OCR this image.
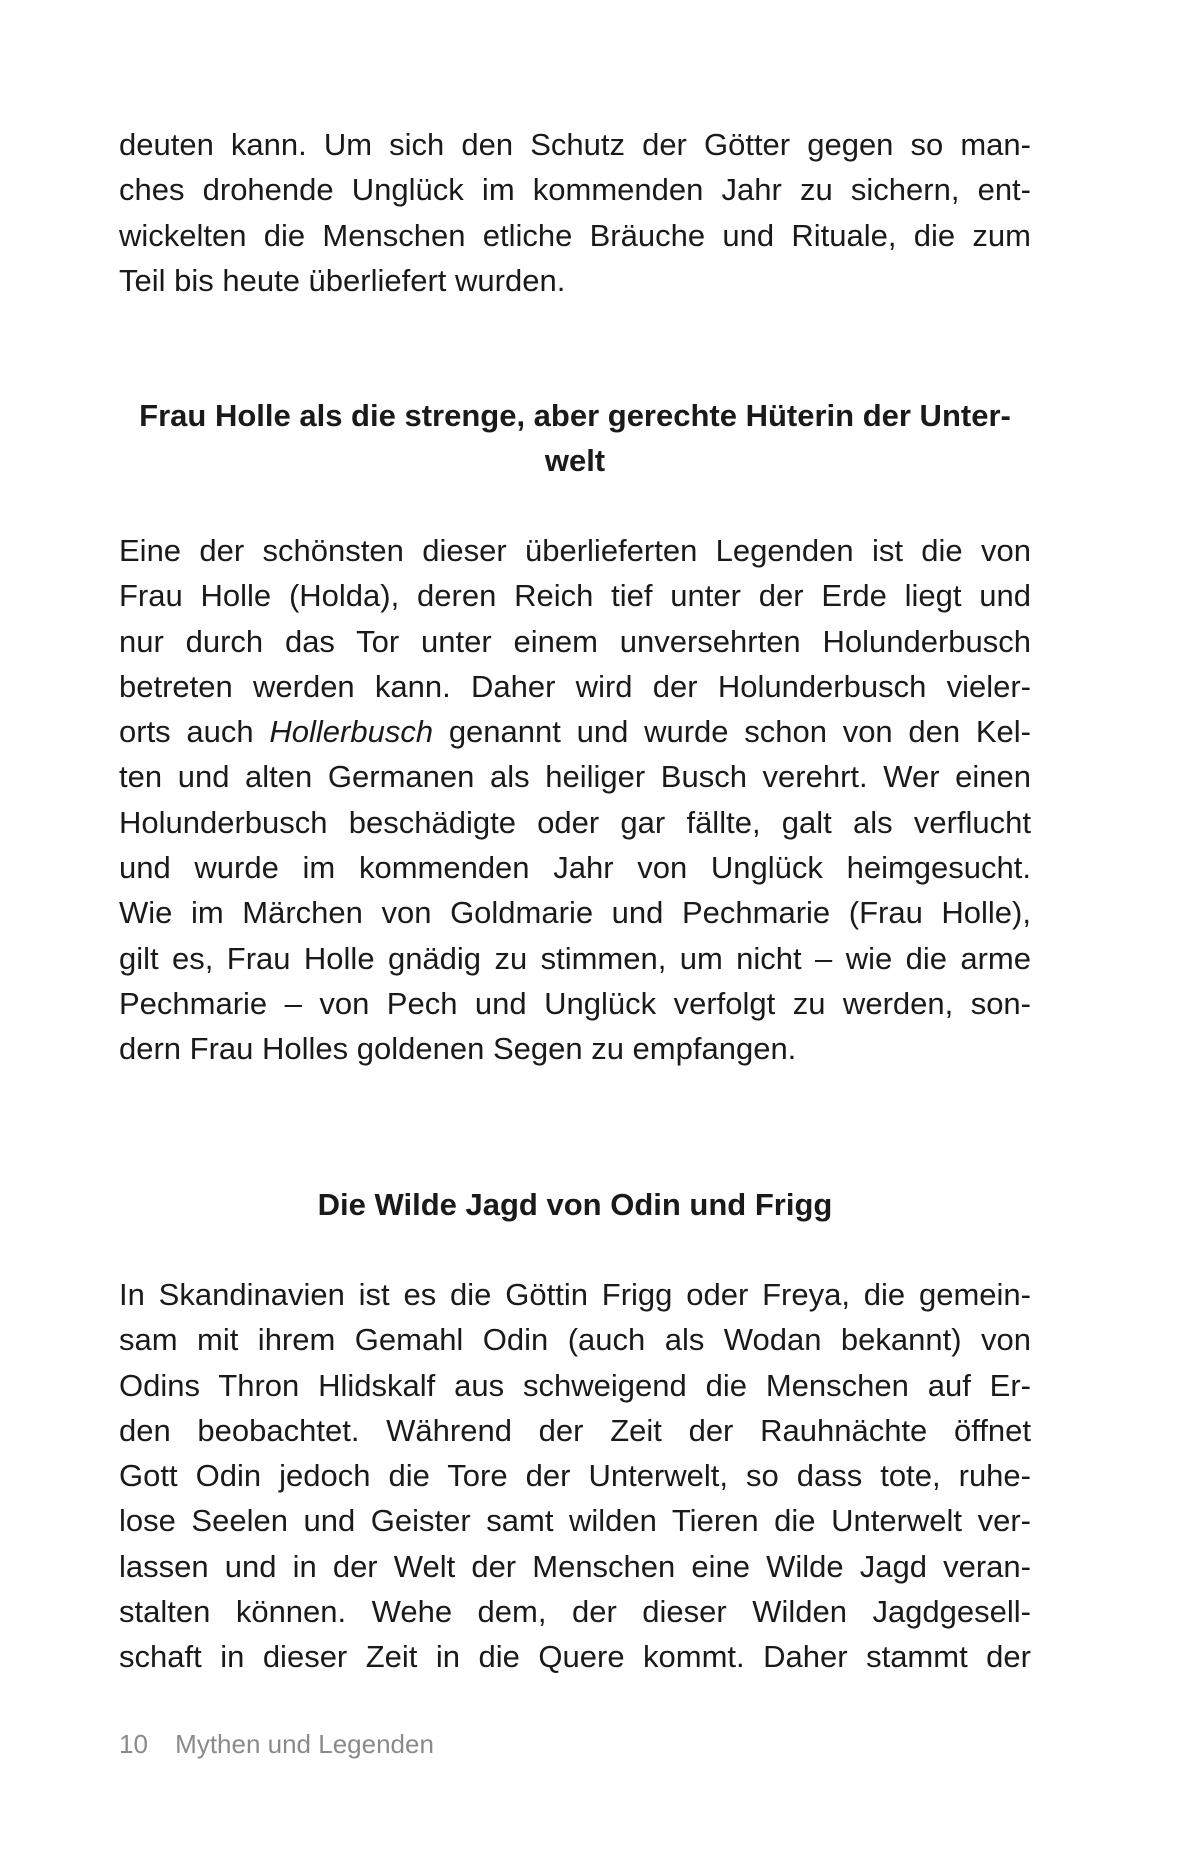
deuten kann. Um sich den Schutz der Götter gegen so man-
ches drohende Unglück im kommenden Jahr zu sichern, ent-
wickelten die Menschen etliche Bräuche und Rituale, die zum
Teil bis heute überliefert wurden.
Frau Holle als die strenge, aber gerechte Hüterin der Unter-
welt
Eine der schönsten dieser überlieferten Legenden ist die von
Frau Holle (Holda), deren Reich tief unter der Erde liegt und
nur durch das Tor unter einem unversehrten Holunderbusch
betreten werden kann. Daher wird der Holunderbusch vieler-
orts auch Hollerbusch genannt und wurde schon von den Kel-
ten und alten Germanen als heiliger Busch verehrt. Wer einen
Holunderbusch beschädigte oder gar fällte, galt als verflucht
und wurde im kommenden Jahr von Unglück heimgesucht.
Wie im Märchen von Goldmarie und Pechmarie (Frau Holle),
gilt es, Frau Holle gnädig zu stimmen, um nicht – wie die arme
Pechmarie – von Pech und Unglück verfolgt zu werden, son-
dern Frau Holles goldenen Segen zu empfangen.
Die Wilde Jagd von Odin und Frigg
In Skandinavien ist es die Göttin Frigg oder Freya, die gemein-
sam mit ihrem Gemahl Odin (auch als Wodan bekannt) von
Odins Thron Hlidskalf aus schweigend die Menschen auf Er-
den beobachtet. Während der Zeit der Rauhnächte öffnet
Gott Odin jedoch die Tore der Unterwelt, so dass tote, ruhe-
lose Seelen und Geister samt wilden Tieren die Unterwelt ver-
lassen und in der Welt der Menschen eine Wilde Jagd veran-
stalten können. Wehe dem, der dieser Wilden Jagdgesell-
schaft in dieser Zeit in die Quere kommt. Daher stammt der
10 Mythen und Legenden
